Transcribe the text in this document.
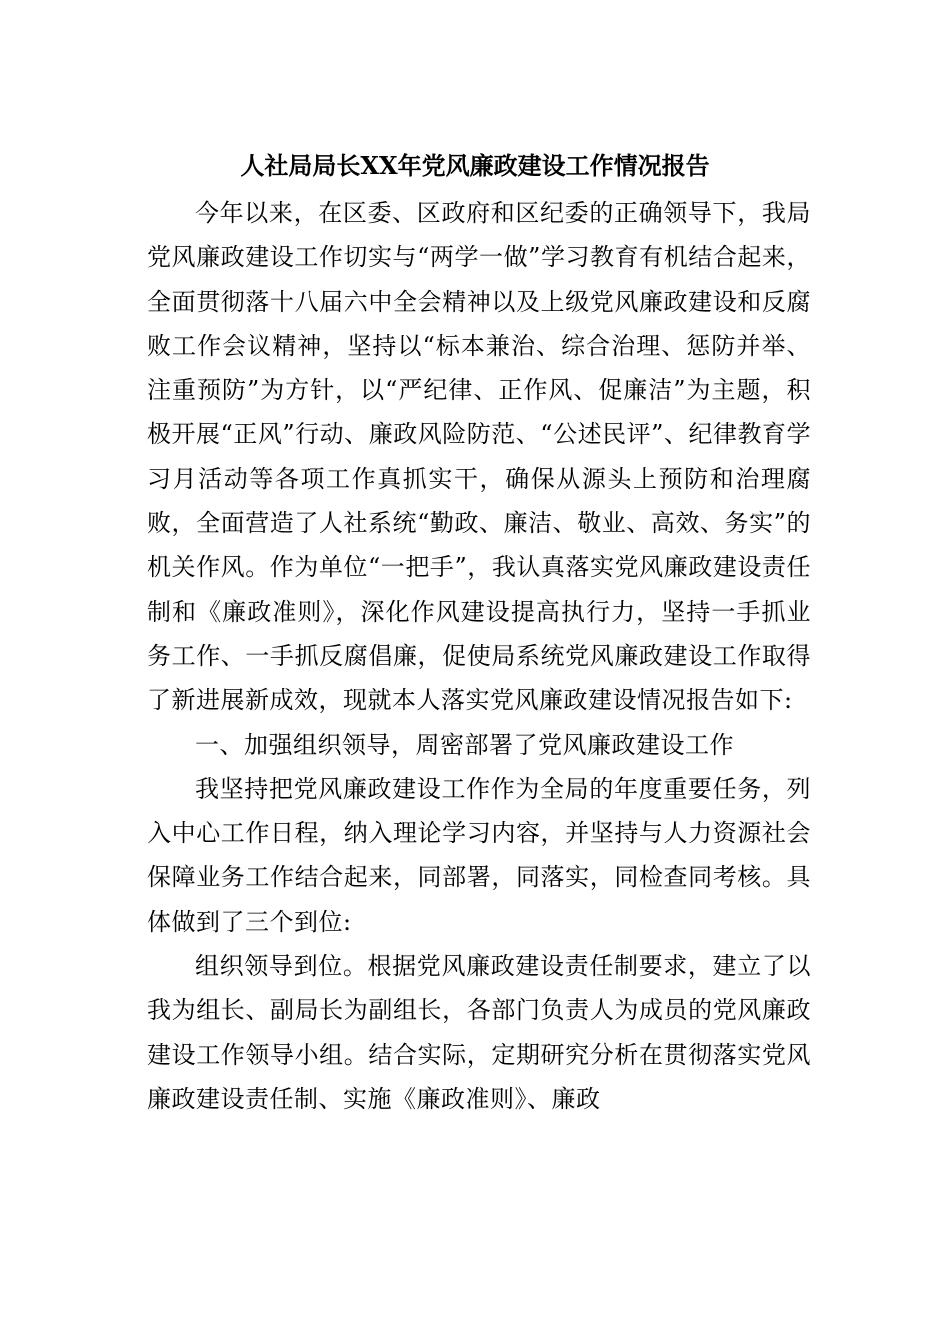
人社局局长XX年党风廉政建设工作情况报告

今年以来，在区委、区政府和区纪委的正确领导下，我局党风廉政建设工作切实与“两学一做”学习教育有机结合起来，全面贯彻落十八届六中全会精神以及上级党风廉政建设和反腐败工作会议精神，坚持以“标本兼治、综合治理、惩防并举、注重预防”为方针，以“严纪律、正作风、促廉洁”为主题，积极开展“正风”行动、廉政风险防范、“公述民评”、纪律教育学习月活动等各项工作真抓实干，确保从源头上预防和治理腐败，全面营造了人社系统“勤政、廉洁、敬业、高效、务实”的机关作风。作为单位“一把手”，我认真落实党风廉政建设责任制和《廉政准则》，深化作风建设提高执行力，坚持一手抓业务工作、一手抓反腐倡廉，促使局系统党风廉政建设工作取得了新进展新成效，现就本人落实党风廉政建设情况报告如下:

一、加强组织领导，周密部署了党风廉政建设工作

我坚持把党风廉政建设工作作为全局的年度重要任务，列入中心工作日程，纳入理论学习内容，并坚持与人力资源社会保障业务工作结合起来，同部署，同落实，同检查同考核。具体做到了三个到位:

组织领导到位。根据党风廉政建设责任制要求，建立了以我为组长、副局长为副组长，各部门负责人为成员的党风廉政建设工作领导小组。结合实际，定期研究分析在贯彻落实党风廉政建设责任制、实施《廉政准则》、廉政
